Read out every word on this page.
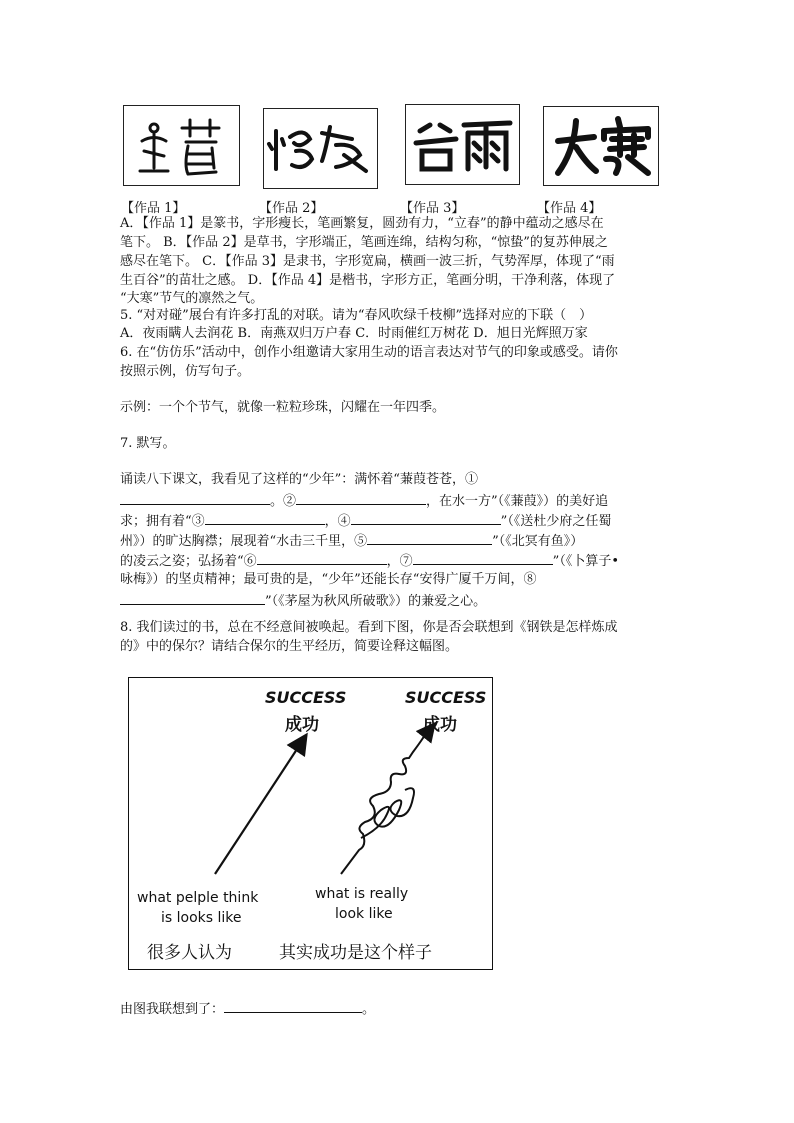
【作品 1】	【作品 2】	【作品 3】	【作品 4】
A．【作品 1】是篆书，字形瘦长，笔画繁复，圆劲有力，“立春”的静中蕴动之感尽在
笔下。 B．【作品 2】是草书，字形端正，笔画连绵，结构匀称，“惊蛰”的复苏伸展之
感尽在笔下。 C．【作品 3】是隶书，字形宽扁，横画一波三折，气势浑厚，体现了“雨
生百谷”的苗壮之感。 D．【作品 4】是楷书，字形方正，笔画分明，干净利落，体现了
“大寒”节气的凛然之气。
5. “对对碰”展台有许多打乱的对联。请为“春风吹绿千枝柳”选择对应的下联（　）
A．夜雨瞒人去润花 B．南燕双归万户春 C．时雨催红万树花 D．旭日光辉照万家
6. 在“仿仿乐”活动中，创作小组邀请大家用生动的语言表达对节气的印象或感受。请你
按照示例，仿写句子。
示例：一个个节气，就像一粒粒珍珠，闪耀在一年四季。
7. 默写。
诵读八下课文，我看见了这样的“少年”：满怀着“蒹葭苍苍，①
。②	，在水一方”（《蒹葭》）的美好追
求；拥有着“③	，④	”（《送杜少府之任蜀
州》）的旷达胸襟；展现着“水击三千里，⑤	”（《北冥有鱼》）
的凌云之姿；弘扬着“⑥	，⑦	”（《卜算子•
咏梅》）的坚贞精神；最可贵的是，“少年”还能长存“安得广厦千万间，⑧
”（《茅屋为秋风所破歌》）的兼爱之心。
8. 我们读过的书，总在不经意间被唤起。看到下图，你是否会联想到《钢铁是怎样炼成
的》中的保尔？请结合保尔的生平经历，简要诠释这幅图。
SUCCESS
成功
SUCCESS
成功
what pelple think
is looks like
what is really
look like
很多人认为	其实成功是这个样子
由图我联想到了：	。
